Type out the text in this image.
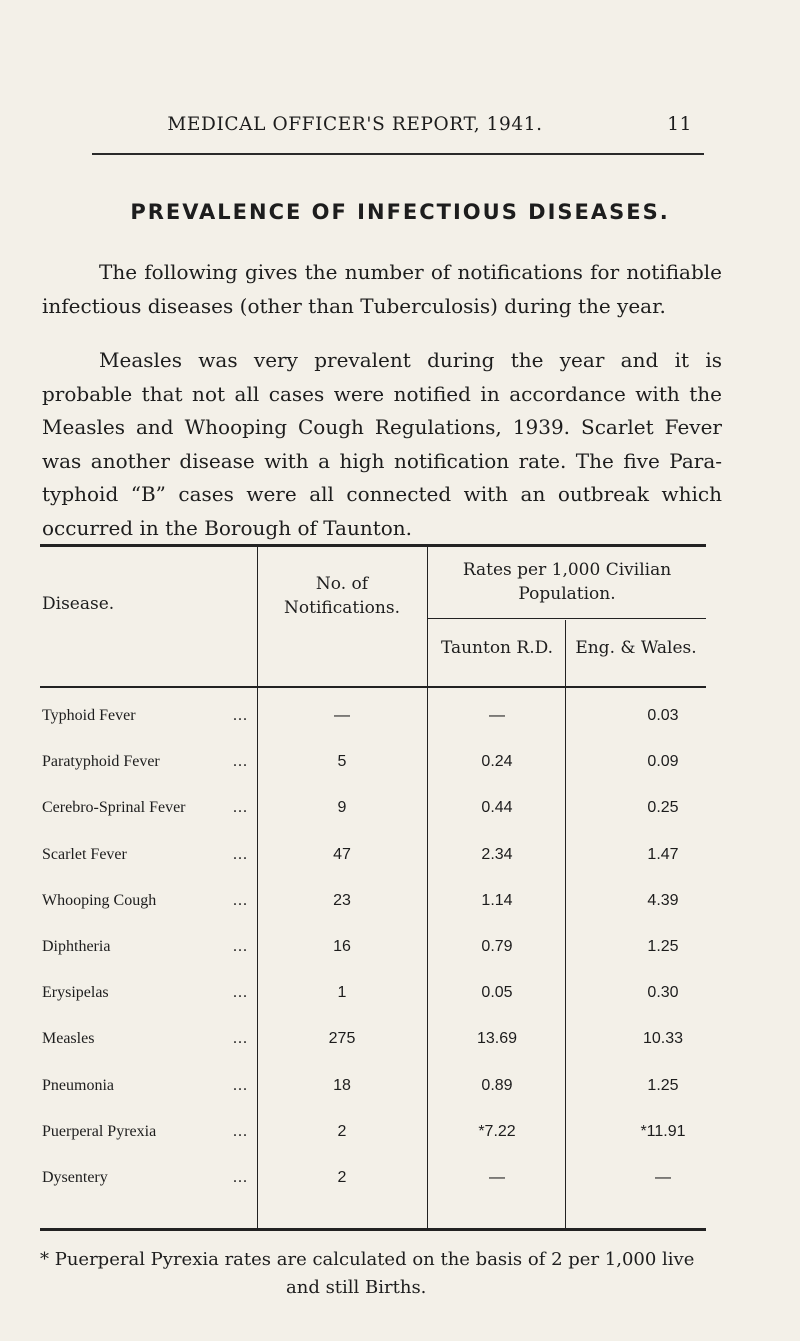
MEDICAL OFFICER'S REPORT, 1941.	11
PREVALENCE OF INFECTIOUS DISEASES.
The following gives the number of notifications for notifiable infectious diseases (other than Tuberculosis) during the year.
Measles was very prevalent during the year and it is probable that not all cases were notified in accordance with the Measles and Whooping Cough Regulations, 1939. Scarlet Fever was another disease with a high notification rate. The five Para-typhoid “B” cases were all connected with an outbreak which occurred in the Borough of Taunton.
Disease.
No. of
Notifications.
Rates per 1,000 Civilian
Population.
Taunton R.D.	Eng. & Wales.
Typhoid Fever	...	—	—	0.03
Paratyphoid Fever	...	5	0.24	0.09
Cerebro-Sprinal Fever	...	9	0.44	0.25
Scarlet Fever	...	47	2.34	1.47
Whooping Cough	...	23	1.14	4.39
Diphtheria	...	16	0.79	1.25
Erysipelas	...	1	0.05	0.30
Measles	...	275	13.69	10.33
Pneumonia	...	18	0.89	1.25
Puerperal Pyrexia	...	2	*7.22	*11.91
Dysentery	...	2	—	—
* Puerperal Pyrexia rates are calculated on the basis of 2 per 1,000 live
and still Births.
